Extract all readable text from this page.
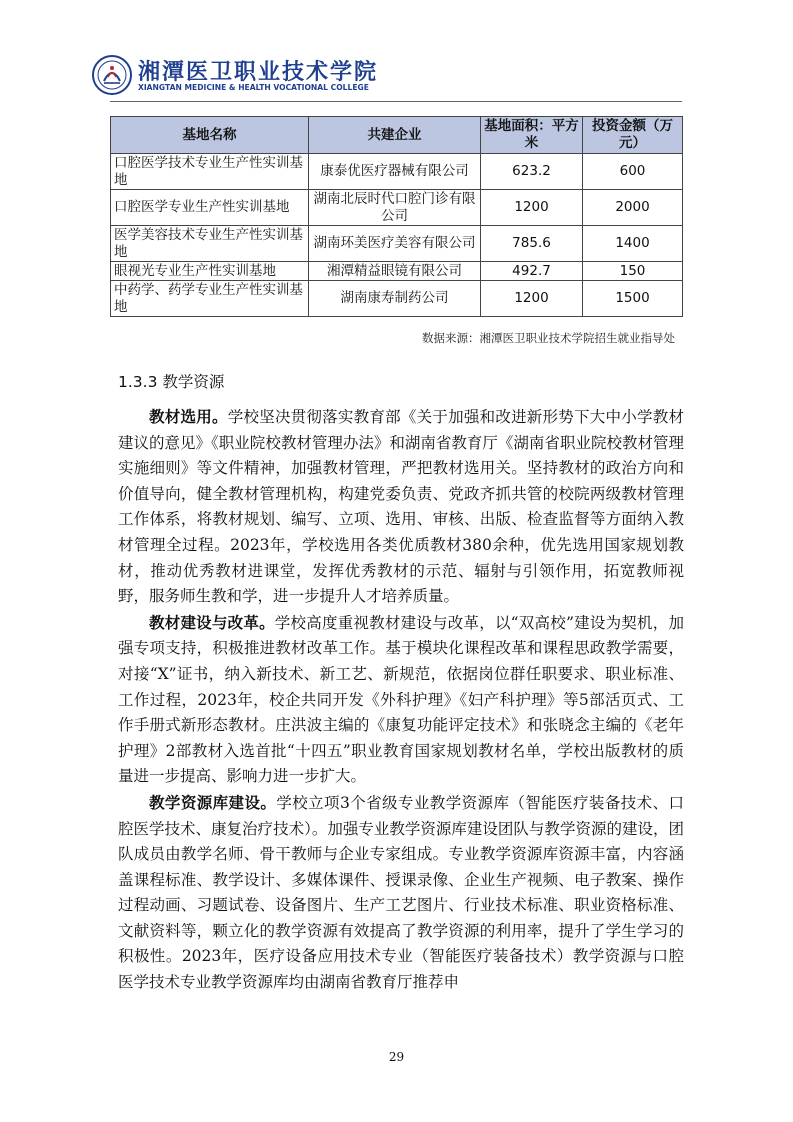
湘潭医卫职业技术学院
XIANGTAN MEDICINE & HEALTH VOCATIONAL COLLEGE
基地名称	共建企业	基地面积：平方米	投资金额（万元）
口腔医学技术专业生产性实训基地	康泰优医疗器械有限公司	623.2	600
口腔医学专业生产性实训基地	湖南北辰时代口腔门诊有限公司	1200	2000
医学美容技术专业生产性实训基地	湖南环美医疗美容有限公司	785.6	1400
眼视光专业生产性实训基地	湘潭精益眼镜有限公司	492.7	150
中药学、药学专业生产性实训基地	湖南康寿制药公司	1200	1500
数据来源：湘潭医卫职业技术学院招生就业指导处
1.3.3 教学资源

教材选用。学校坚决贯彻落实教育部《关于加强和改进新形势下大中小学教材建议的意见》《职业院校教材管理办法》和湖南省教育厅《湖南省职业院校教材管理实施细则》等文件精神，加强教材管理，严把教材选用关。坚持教材的政治方向和价值导向，健全教材管理机构，构建党委负责、党政齐抓共管的校院两级教材管理工作体系，将教材规划、编写、立项、选用、审核、出版、检查监督等方面纳入教材管理全过程。2023年，学校选用各类优质教材380余种，优先选用国家规划教材，推动优秀教材进课堂，发挥优秀教材的示范、辐射与引领作用，拓宽教师视野，服务师生教和学，进一步提升人才培养质量。

教材建设与改革。学校高度重视教材建设与改革，以“双高校”建设为契机，加强专项支持，积极推进教材改革工作。基于模块化课程改革和课程思政教学需要，对接“X”证书，纳入新技术、新工艺、新规范，依据岗位群任职要求、职业标准、工作过程，2023年，校企共同开发《外科护理》《妇产科护理》等5部活页式、工作手册式新形态教材。庄洪波主编的《康复功能评定技术》和张晓念主编的《老年护理》2部教材入选首批“十四五”职业教育国家规划教材名单，学校出版教材的质量进一步提高、影响力进一步扩大。

教学资源库建设。学校立项3个省级专业教学资源库（智能医疗装备技术、口腔医学技术、康复治疗技术）。加强专业教学资源库建设团队与教学资源的建设，团队成员由教学名师、骨干教师与企业专家组成。专业教学资源库资源丰富，内容涵盖课程标准、教学设计、多媒体课件、授课录像、企业生产视频、电子教案、操作过程动画、习题试卷、设备图片、生产工艺图片、行业技术标准、职业资格标准、文献资料等，颗立化的教学资源有效提高了教学资源的利用率，提升了学生学习的积极性。2023年，医疗设备应用技术专业（智能医疗装备技术）教学资源与口腔医学技术专业教学资源库均由湖南省教育厅推荐申

29
